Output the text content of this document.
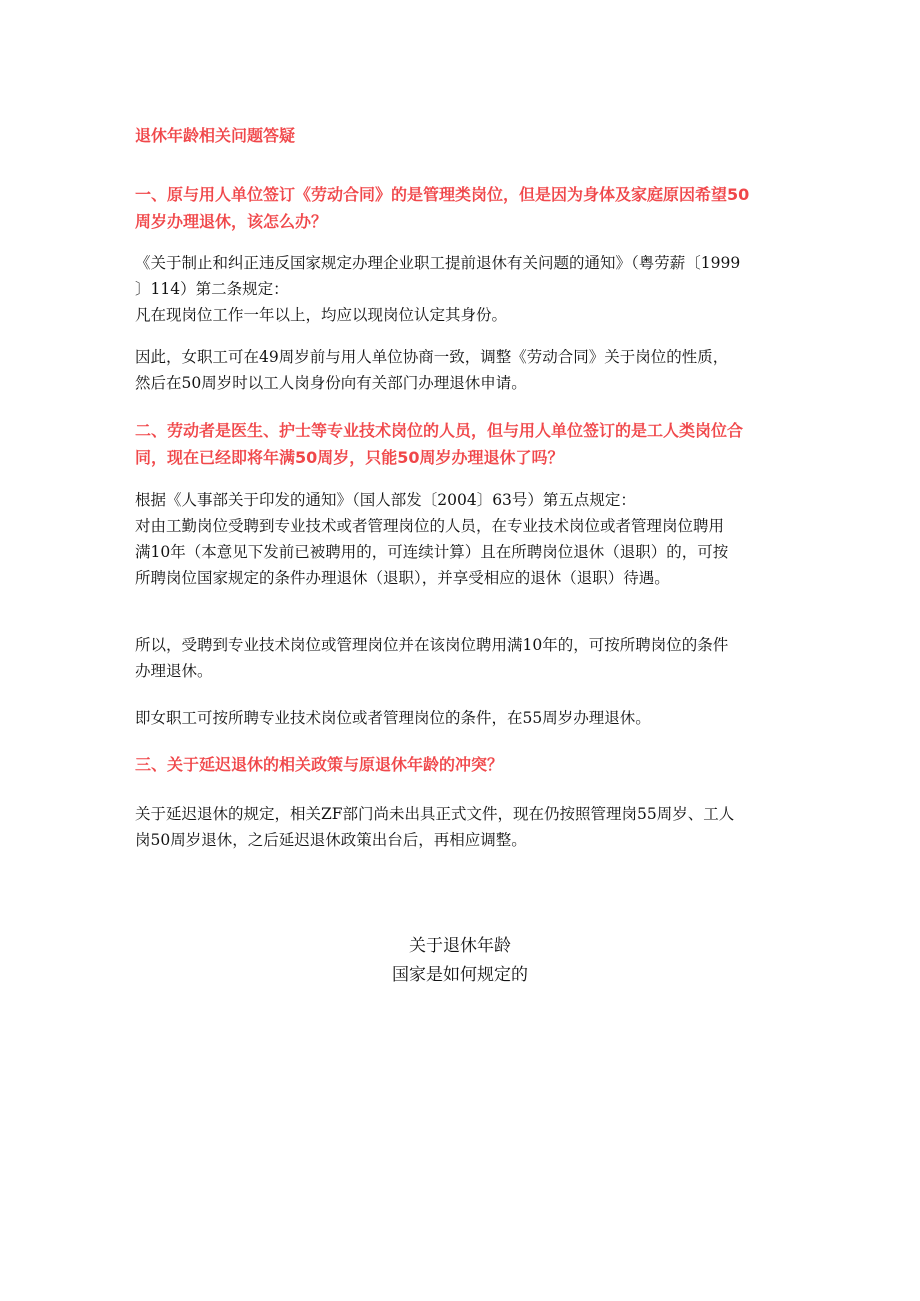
退休年龄相关问题答疑
一、原与用人单位签订《劳动合同》的是管理类岗位，但是因为身体及家庭原因希望50
周岁办理退休，该怎么办？
《关于制止和纠正违反国家规定办理企业职工提前退休有关问题的通知》（粤劳薪〔1999
〕114）第二条规定：
凡在现岗位工作一年以上，均应以现岗位认定其身份。
因此，女职工可在49周岁前与用人单位协商一致，调整《劳动合同》关于岗位的性质，
然后在50周岁时以工人岗身份向有关部门办理退休申请。
二、劳动者是医生、护士等专业技术岗位的人员，但与用人单位签订的是工人类岗位合
同，现在已经即将年满50周岁，只能50周岁办理退休了吗？
根据《人事部关于印发的通知》（国人部发〔2004〕63号）第五点规定：
对由工勤岗位受聘到专业技术或者管理岗位的人员，在专业技术岗位或者管理岗位聘用
满10年（本意见下发前已被聘用的，可连续计算）且在所聘岗位退休（退职）的，可按
所聘岗位国家规定的条件办理退休（退职），并享受相应的退休（退职）待遇。
所以，受聘到专业技术岗位或管理岗位并在该岗位聘用满10年的，可按所聘岗位的条件
办理退休。
即女职工可按所聘专业技术岗位或者管理岗位的条件，在55周岁办理退休。
三、关于延迟退休的相关政策与原退休年龄的冲突？
关于延迟退休的规定，相关ZF部门尚未出具正式文件，现在仍按照管理岗55周岁、工人
岗50周岁退休，之后延迟退休政策出台后，再相应调整。
关于退休年龄
国家是如何规定的
